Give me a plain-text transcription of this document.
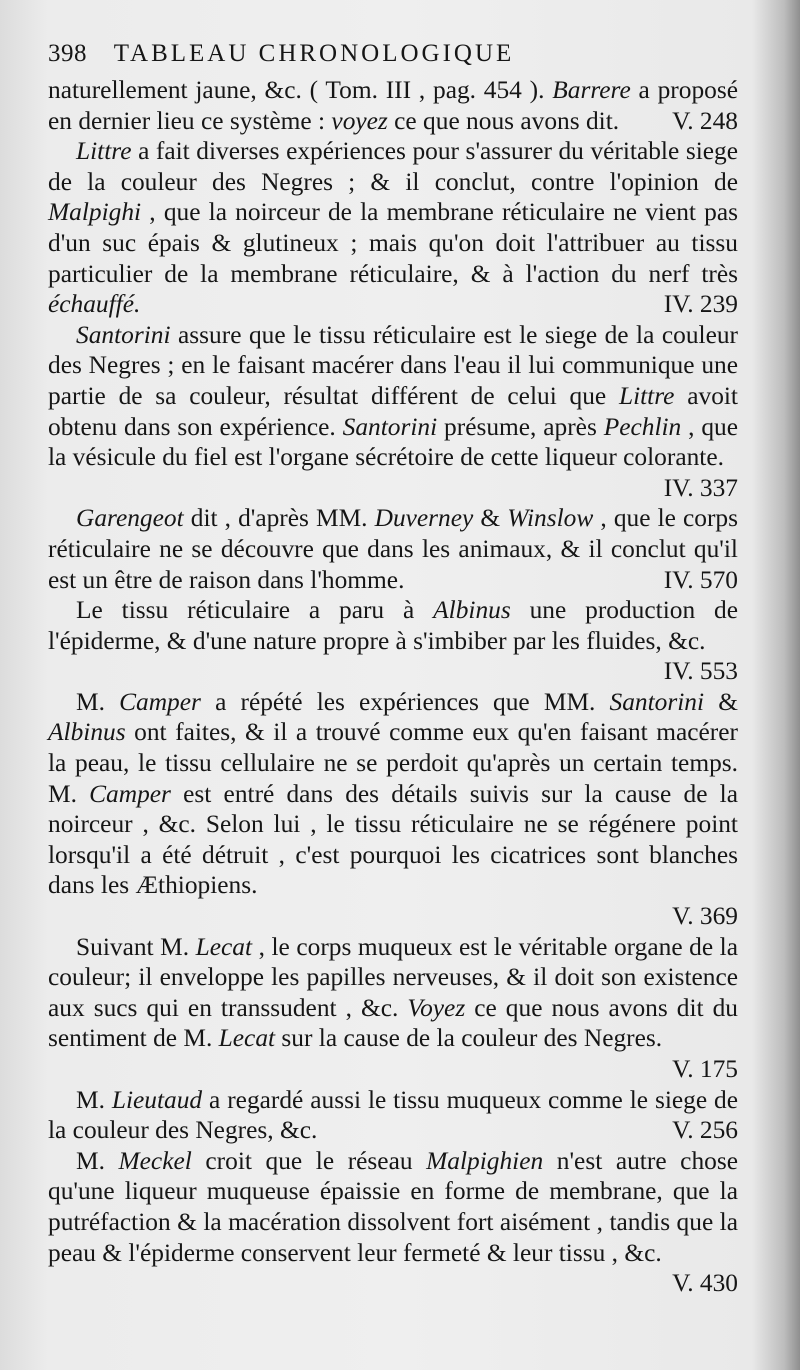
398 TABLEAU CHRONOLOGIQUE

naturellement jaune, &c. ( Tom. III , pag. 454 ). Barrere a proposé en dernier lieu ce système : voyez ce que nous avons dit. V. 248

Littre a fait diverses expériences pour s'assurer du véritable siege de la couleur des Negres ; & il conclut, contre l'opinion de Malpighi , que la noirceur de la membrane réticulaire ne vient pas d'un suc épais & glutineux ; mais qu'on doit l'attribuer au tissu particulier de la membrane réticulaire, & à l'action du nerf très échauffé.	IV. 239

Santorini assure que le tissu réticulaire est le siege de la couleur des Negres ; en le faisant macérer dans l'eau il lui communique une partie de sa couleur, résultat différent de celui que Littre avoit obtenu dans son expérience. Santorini présume, après Pechlin , que la vésicule du fiel est l'organe sécrétoire de cette liqueur colorante.
IV. 337

Garengeot dit , d'après MM. Duverney & Winslow , que le corps réticulaire ne se découvre que dans les animaux, & il conclut qu'il est un être de raison dans l'homme.	IV. 570

Le tissu réticulaire a paru à Albinus une production de l'épiderme, & d'une nature propre à s'imbiber par les fluides, &c.
IV. 553

M. Camper a répété les expériences que MM. Santorini & Albinus ont faites, & il a trouvé comme eux qu'en faisant macérer la peau, le tissu cellulaire ne se perdoit qu'après un certain temps. M. Camper est entré dans des détails suivis sur la cause de la noirceur , &c. Selon lui , le tissu réticulaire ne se régénere point lorsqu'il a été détruit , c'est pourquoi les cicatrices sont blanches dans les Æthiopiens.
V. 369

Suivant M. Lecat , le corps muqueux est le véritable organe de la couleur; il enveloppe les papilles nerveuses, & il doit son existence aux sucs qui en transsudent , &c. Voyez ce que nous avons dit du sentiment de M. Lecat sur la cause de la couleur des Negres.
V. 175

M. Lieutaud a regardé aussi le tissu muqueux comme le siege de la couleur des Negres, &c.	V. 256

M. Meckel croit que le réseau Malpighien n'est autre chose qu'une liqueur muqueuse épaissie en forme de membrane, que la putréfaction & la macération dissolvent fort aisément , tandis que la peau & l'épiderme conservent leur fermeté & leur tissu , &c.
V. 430
